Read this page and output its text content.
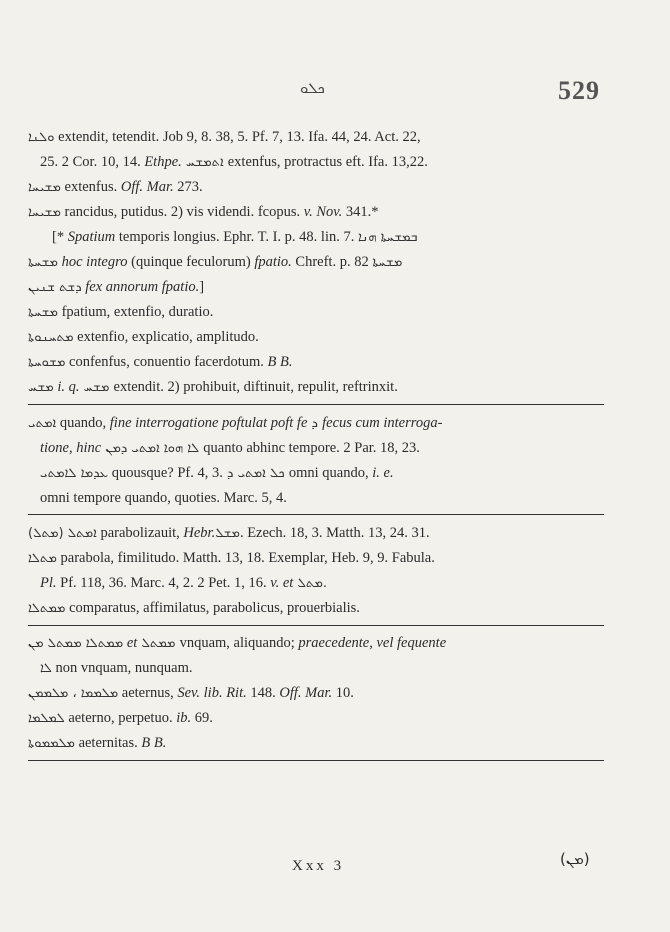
ܟܠܘ	529
ܘܠܢܐ extendit, tetendit. Job 9, 8. 38, 5. Pf. 7, 13. Ifa. 44, 24. Act. 22,
25. 2 Cor. 10, 14. Ethpe. ܐܬܡܫܚ extenfus, protractus eft. Ifa. 13,22.
ܡܫܝܚܐ extenfus. Off. Mar. 273.
ܡܫܝܚܐ rancidus, putidus. 2) vis videndi. fcopus. v. Nov. 341.*
[* Spatium temporis longius. Ephr. T. I. p. 48. lin. 7. ܒܡܫܚܬܐ ܗܢܐ
ܡܫܚܬܐ hoc integro (quinque feculorum) fpatio. Chreft. p. 82 ܡܫܚܬܐ
ܕܫܬ ܫܢܝܢ fex annorum fpatio.]
ܡܫܚܬܐ fpatium, extenfio, duratio.
ܡܬܚܢܘܬܐ extenfio, explicatio, amplitudo.
ܡܫܘܚܬܐ confenfus, conuentio facerdotum. B B.
ܡܫܚ i. q. ܡܫܚ extendit. 2) prohibuit, diftinuit, repulit, reftrinxit.
ܐܡܬܝ quando, fine interrogatione poftulat poft fe ܕ fecus cum interroga-
tione, hinc ܠܐ ܗܘܐ ܐܡܬܝ ܕܡܢ quanto abhinc tempore. 2 Par. 18, 23.
ܥܕܡܐ ܠܐܡܬܝ quousque? Pf. 4, 3. ܟܠ ܐܡܬܝ ܕ omni quando, i. e.
omni tempore quando, quoties. Marc. 5, 4.
(ܡܬܠ) ܐܡܬܠ parabolizauit, Hebr.ܡܫܠ. Ezech. 18, 3. Matth. 13, 24. 31.
ܡܬܠܐ parabola, fimilitudo. Matth. 13, 18. Exemplar, Heb. 9, 9. Fabula.
Pl. Pf. 118, 36. Marc. 4, 2. 2 Pet. 1, 16. v. et ܡܬܠ.
ܡܡܬܠܐ comparatus, affimilatus, parabolicus, prouerbialis.
ܡܡܬܠܐ ܡܡܬܠ ܡܢ et ܡܡܬܠ vnquam, aliquando; praecedente, vel fequente
ܠܐ non vnquam, nunquam.
ܡܠܡܡܐ ، ܡܠܡܡܢ aeternus, Sev. lib. Rit. 148. Off. Mar. 10.
ܠܡܠܡܐ aeterno, perpetuo. ib. 69.
ܡܠܡܡܘܬܐ aeternitas. B B.
Xxx 3	(ܡܢ)
